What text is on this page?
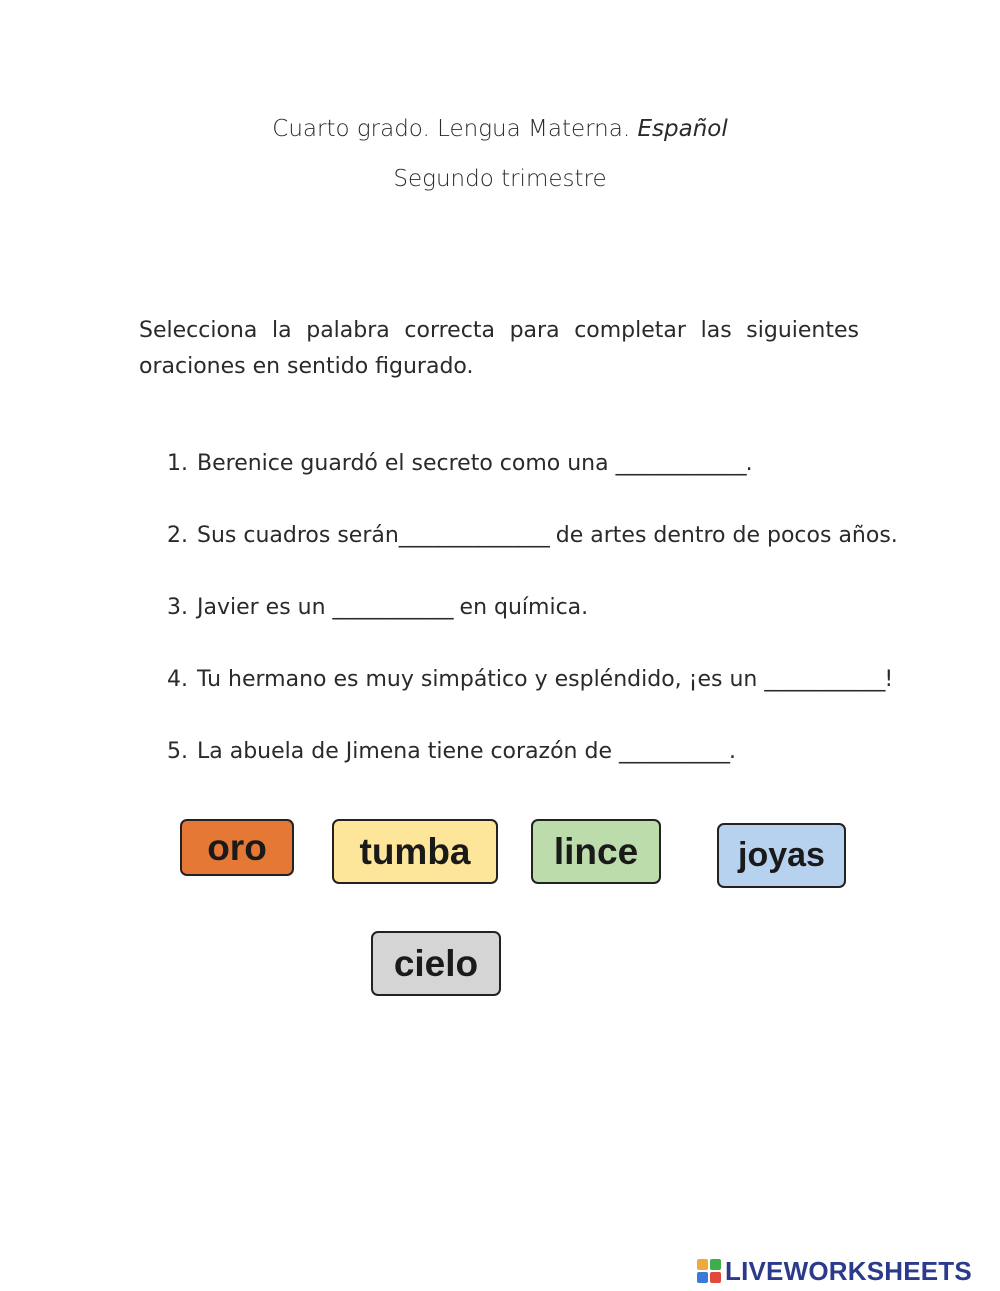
Cuarto grado. Lengua Materna. Español
Segundo trimestre
Selecciona la palabra correcta para completar las siguientes oraciones en sentido figurado.
1. Berenice guardó el secreto como una _____________.
2. Sus cuadros serán_______________ de artes dentro de pocos años.
3. Javier es un ____________ en química.
4. Tu hermano es muy simpático y espléndido, ¡es un ____________!
5. La abuela de Jimena tiene corazón de ___________.
oro	tumba	lince	joyas
cielo
LIVEWORKSHEETS
